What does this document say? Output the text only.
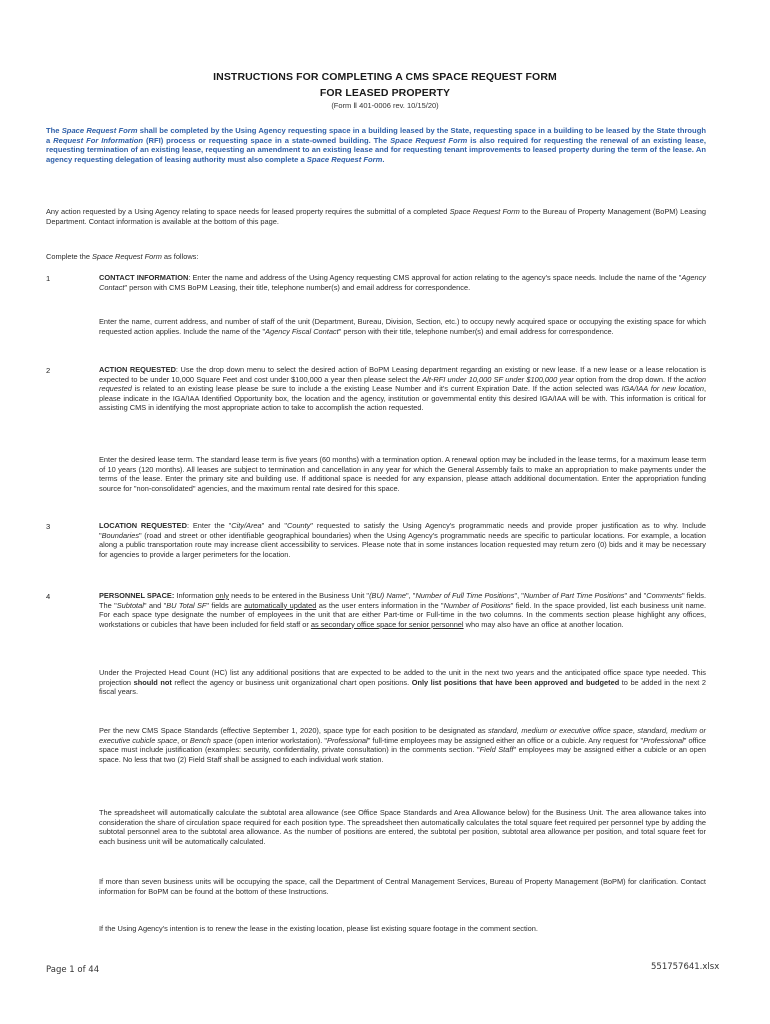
INSTRUCTIONS FOR COMPLETING A CMS SPACE REQUEST FORM
FOR LEASED PROPERTY
(Form Ⅱ 401-0006 rev. 10/15/20)
The Space Request Form shall be completed by the Using Agency requesting space in a building leased by the State, requesting space in a building to be leased by the State through a Request For Information (RFI) process or requesting space in a state-owned building. The Space Request Form is also required for requesting the renewal of an existing lease, requesting termination of an existing lease, requesting an amendment to an existing lease and for requesting tenant improvements to leased property during the term of the lease. An agency requesting delegation of leasing authority must also complete a Space Request Form.
Any action requested by a Using Agency relating to space needs for leased property requires the submittal of a completed Space Request Form to the Bureau of Property Management (BoPM) Leasing Department. Contact information is available at the bottom of this page.
Complete the Space Request Form as follows:
1	CONTACT INFORMATION: Enter the name and address of the Using Agency requesting CMS approval for action relating to the agency's space needs. Include the name of the "Agency Contact" person with CMS BoPM Leasing, their title, telephone number(s) and email address for correspondence.
Enter the name, current address, and number of staff of the unit (Department, Bureau, Division, Section, etc.) to occupy newly acquired space or occupying the existing space for which requested action applies. Include the name of the "Agency Fiscal Contact" person with their title, telephone number(s) and email address for correspondence.
2	ACTION REQUESTED: Use the drop down menu to select the desired action of BoPM Leasing department regarding an existing or new lease. If a new lease or a lease relocation is expected to be under 10,000 Square Feet and cost under $100,000 a year then please select the Alt-RFI under 10,000 SF under $100,000 year option from the drop down. If the action requested is related to an existing lease please be sure to include a the existing Lease Number and it's current Expiration Date. If the action selected was IGA/IAA for new location, please indicate in the IGA/IAA Identified Opportunity box, the location and the agency, institution or governmental entity this desired IGA/IAA will be with. This information is critical for assisting CMS in identifying the most appropriate action to take to accomplish the action requested.
Enter the desired lease term. The standard lease term is five years (60 months) with a termination option. A renewal option may be included in the lease terms, for a maximum lease term of 10 years (120 months). All leases are subject to termination and cancellation in any year for which the General Assembly fails to make an appropriation to make payments under the terms of the lease. Enter the primary site and building use. If additional space is needed for any expansion, please attach additional documentation. Enter the appropriation funding source for "non-consolidated" agencies, and the maximum rental rate desired for this space.
3	LOCATION REQUESTED: Enter the "City/Area" and "County" requested to satisfy the Using Agency's programmatic needs and provide proper justification as to why. Include "Boundaries" (road and street or other identifiable geographical boundaries) when the Using Agency's programmatic needs are specific to particular locations. For example, a location along a public transportation route may increase client accessibility to services. Please note that in some instances location requested may return zero (0) bids and it may be necessary for agencies to provide a larger perimeters for the location.
4	PERSONNEL SPACE: Information only needs to be entered in the Business Unit "(BU) Name", "Number of Full Time Positions", "Number of Part Time Positions" and "Comments" fields. The "Subtotal" and "BU Total SF" fields are automatically updated as the user enters information in the "Number of Positions" field. In the space provided, list each business unit name. For each space type designate the number of employees in the unit that are either Part-time or Full-time in the two columns. In the comments section please highlight any offices, workstations or cubicles that have been included for field staff or as secondary office space for senior personnel who may also have an office at another location.
Under the Projected Head Count (HC) list any additional positions that are expected to be added to the unit in the next two years and the anticipated office space type needed. This projection should not reflect the agency or business unit organizational chart open positions. Only list positions that have been approved and budgeted to be added in the next 2 fiscal years.
Per the new CMS Space Standards (effective September 1, 2020), space type for each position to be designated as standard, medium or executive office space, standard, medium or executive cubicle space, or Bench space (open interior workstation). "Professional" full-time employees may be assigned either an office or a cubicle. Any request for "Professional" office space must include justification (examples: security, confidentiality, private consultation) in the comments section. "Field Staff" employees may be assigned either a cubicle or an open space. No less that two (2) Field Staff shall be assigned to each individual work station.
The spreadsheet will automatically calculate the subtotal area allowance (see Office Space Standards and Area Allowance below) for the Business Unit. The area allowance takes into consideration the share of circulation space required for each position type. The spreadsheet then automatically calculates the total square feet required per personnel type by adding the subtotal personnel area to the subtotal area allowance. As the number of positions are entered, the subtotal per position, subtotal area allowance per position, and total square feet for each business unit will be automatically calculated.
If more than seven business units will be occupying the space, call the Department of Central Management Services, Bureau of Property Management (BoPM) for clarification. Contact information for BoPM can be found at the bottom of these Instructions.
If the Using Agency's intention is to renew the lease in the existing location, please list existing square footage in the comment section.
Page 1 of 44	551757641.xlsx
